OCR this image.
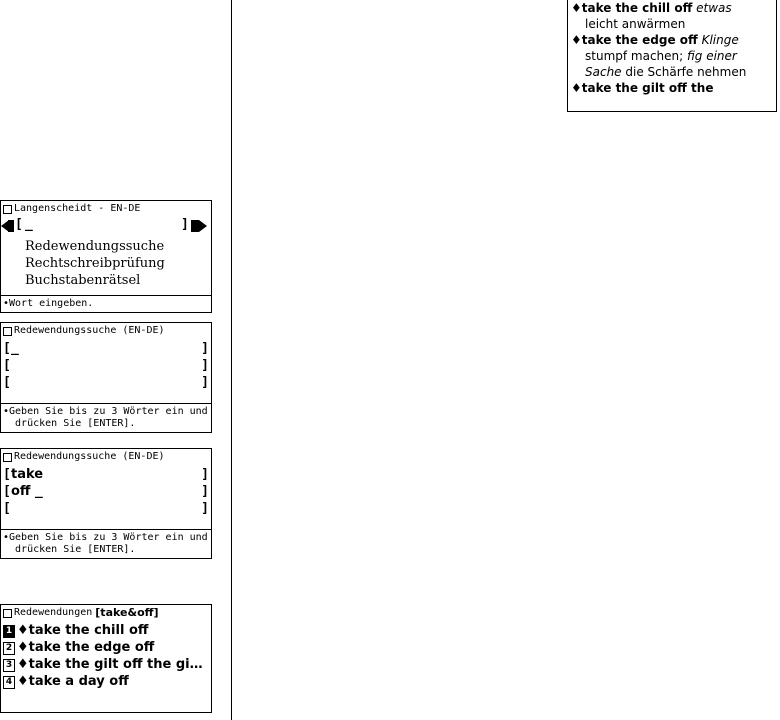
Langenscheidt - EN-DE
[ _	]
Redewendungssuche
Rechtschreibprüfung
Buchstabenrätsel
•Wort eingeben.
Redewendungssuche (EN-DE)
[ _	]
[	]
[	]
•Geben Sie bis zu 3 Wörter ein und
drücken Sie [ENTER].
Redewendungssuche (EN-DE)
[ take	]
[ off _	]
[	]
•Geben Sie bis zu 3 Wörter ein und
drücken Sie [ENTER].
Redewendungen [take&off]
1 ♦take the chill off
2 ♦take the edge off
3 ♦take the gilt off the gi…
4 ♦take a day off
♦take the chill off etwas
leicht anwärmen
♦take the edge off Klinge
stumpf machen; fig einer
Sache die Schärfe nehmen
♦take the gilt off the
